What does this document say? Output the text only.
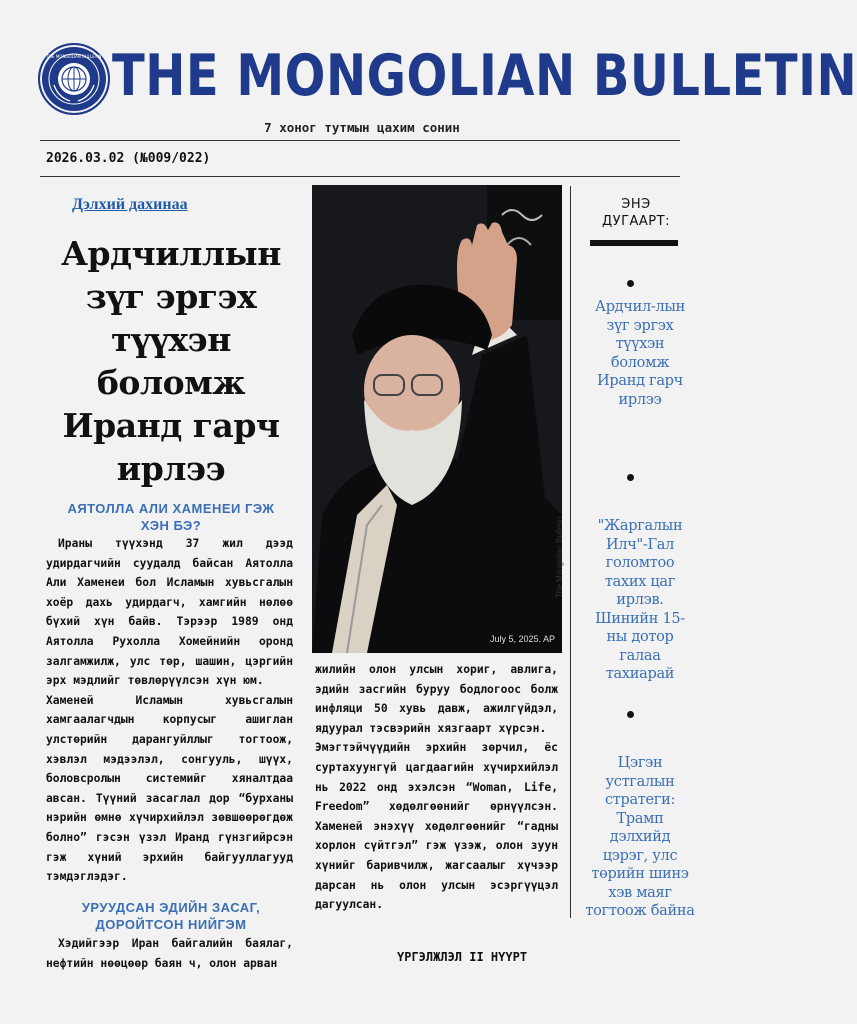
THE MONGOLIAN BULLETIN THE MONGOLIAN BULLETIN
7 хоног тутмын цахим сонин
2026.03.02 (№009/022)
Дэлхий дахинаа
Ардчиллын зүг эргэх түүхэн боломж Иранд гарч ирлээ
АЯТОЛЛА АЛИ ХАМЕНЕИ ГЭЖ ХЭН БЭ?

Ираны түүхэнд 37 жил дээд удирдагчийн суудалд байсан Аятолла Али Хаменеи бол Исламын хувьсгалын хоёр дахь удирдагч, хамгийн нөлөө бүхий хүн байв. Тэрээр 1989 онд Аятолла Рухолла Хомейнийн оронд залгамжилж, улс төр, шашин, цэргийн эрх мэдлийг төвлөрүүлсэн хүн юм.

Хаменей Исламын хувьсгалын хамгаалагчдын корпусыг ашиглан улстөрийн дарангуйллыг тогтоож, хэвлэл мэдээлэл, сонгууль, шүүх, боловсролын системийг хяналтдаа авсан. Түүний засаглал дор “бурханы нэрийн өмнө хүчирхийлэл зөвшөөрөгдөж болно” гэсэн үзэл Иранд гүнзгийрсэн гэж хүний эрхийн байгууллагууд тэмдэглэдэг.

УРУУДСАН ЭДИЙН ЗАСАГ, ДОРОЙТСОН НИЙГЭМ

Хэдийгээр Иран байгалийн баялаг, нефтийн нөөцөөр баян ч, олон арван

July 5, 2025. AP
The Mongolian Bulletin

жилийн олон улсын хориг, авлига, эдийн засгийн буруу бодлогоос болж инфляци 50 хувь давж, ажилгүйдэл, ядуурал тэсвэрийн хязгаарт хүрсэн.

Эмэгтэйчүүдийн эрхийн зөрчил, ёс суртахуунгүй цагдаагийн хүчирхийлэл нь 2022 онд эхэлсэн “Woman, Life, Freedom” хөдөлгөөнийг өрнүүлсэн. Хаменей энэхүү хөдөлгөөнийг “гадны хорлон сүйтгэл” гэж үзэж, олон зуун хүнийг баривчилж, жагсаалыг хүчээр дарсан нь олон улсын эсэргүүцэл дагуулсан.

ҮРГЭЛЖЛЭЛ II НҮҮРТ
ЭНЭ ДУГААРТ:
Ардчил-лын зүг эргэх түүхэн боломж Иранд гарч ирлээ
"Жаргалын Илч"-Гал голомтоо тахих цаг ирлэв. Шинийн 15-ны дотор галаа тахиарай
Цэгэн устгалын стратеги: Трамп дэлхийд цэрэг, улс төрийн шинэ хэв маяг тогтоож байна
